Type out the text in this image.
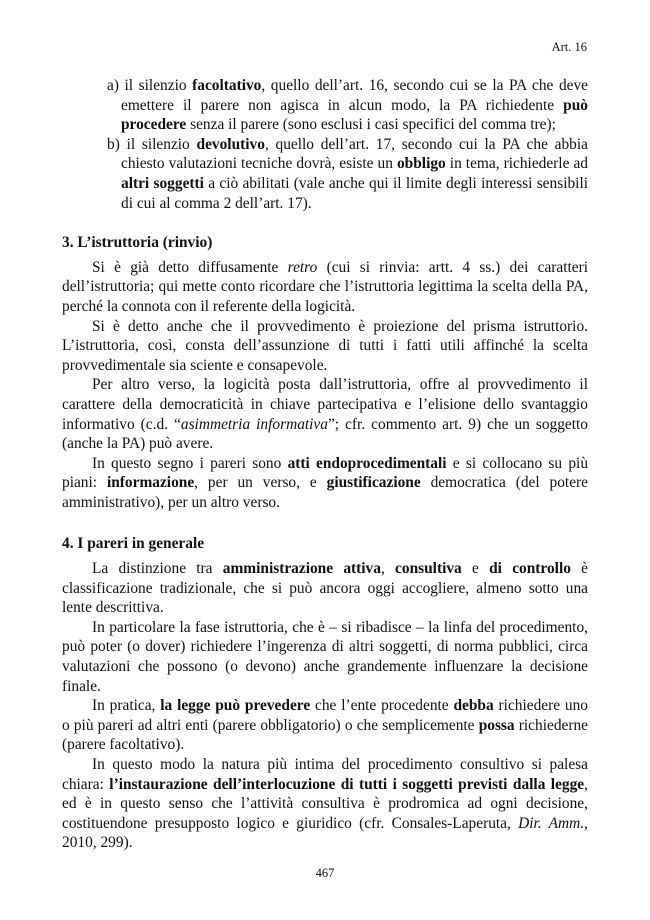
Art. 16

a) il silenzio facoltativo, quello dell’art. 16, secondo cui se la PA che deve emettere il parere non agisca in alcun modo, la PA richiedente può procedere senza il parere (sono esclusi i casi specifici del comma tre);

b) il silenzio devolutivo, quello dell’art. 17, secondo cui la PA che abbia chiesto valutazioni tecniche dovrà, esiste un obbligo in tema, richiederle ad altri soggetti a ciò abilitati (vale anche qui il limite degli interessi sensibili di cui al comma 2 dell’art. 17).

3. L’istruttoria (rinvio)

Si è già detto diffusamente retro (cui si rinvia: artt. 4 ss.) dei caratteri dell’istruttoria; qui mette conto ricordare che l’istruttoria legittima la scelta della PA, perché la connota con il referente della logicità.

Si è detto anche che il provvedimento è proiezione del prisma istruttorio. L’istruttoria, così, consta dell’assunzione di tutti i fatti utili affinché la scelta provvedimentale sia sciente e consapevole.

Per altro verso, la logicità posta dall’istruttoria, offre al provvedimento il carattere della democraticità in chiave partecipativa e l’elisione dello svantaggio informativo (c.d. “asimmetria informativa”; cfr. commento art. 9) che un soggetto (anche la PA) può avere.

In questo segno i pareri sono atti endoprocedimentali e si collocano su più piani: informazione, per un verso, e giustificazione democratica (del potere amministrativo), per un altro verso.

4. I pareri in generale

La distinzione tra amministrazione attiva, consultiva e di controllo è classificazione tradizionale, che si può ancora oggi accogliere, almeno sotto una lente descrittiva.

In particolare la fase istruttoria, che è – si ribadisce – la linfa del procedimento, può poter (o dover) richiedere l’ingerenza di altri soggetti, di norma pubblici, circa valutazioni che possono (o devono) anche grandemente influenzare la decisione finale.

In pratica, la legge può prevedere che l’ente procedente debba richiedere uno o più pareri ad altri enti (parere obbligatorio) o che semplicemente possa richiederne (parere facoltativo).

In questo modo la natura più intima del procedimento consultivo si palesa chiara: l’instaurazione dell’interlocuzione di tutti i soggetti previsti dalla legge, ed è in questo senso che l’attività consultiva è prodromica ad ogni decisione, costituendone presupposto logico e giuridico (cfr. Consales-Laperuta, Dir. Amm., 2010, 299).

467
